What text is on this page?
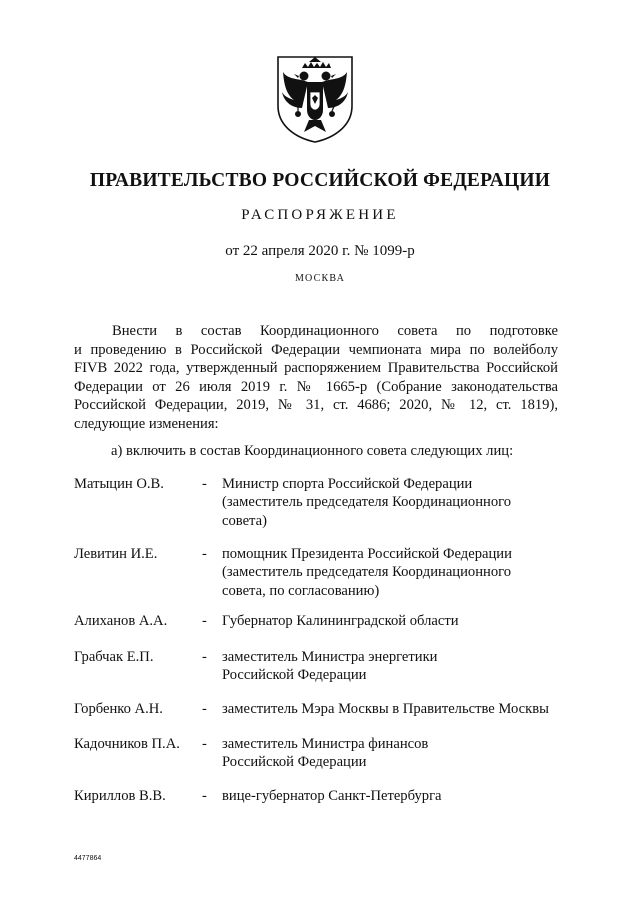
ПРАВИТЕЛЬСТВО РОССИЙСКОЙ ФЕДЕРАЦИИ
РАСПОРЯЖЕНИЕ
от 22 апреля 2020 г. № 1099-р
МОСКВА
Внести в состав Координационного совета по подготовке
и проведению в Российской Федерации чемпионата мира по волейболу
FIVB 2022 года, утвержденный распоряжением Правительства Российской
Федерации от 26 июля 2019 г. № 1665-р (Собрание законодательства
Российской Федерации, 2019, № 31, ст. 4686; 2020, № 12, ст. 1819),
следующие изменения:
а) включить в состав Координационного совета следующих лиц:
Матыцин О.В.	- Министр спорта Российской Федерации
(заместитель председателя Координационного
совета)
Левитин И.Е.	- помощник Президента Российской Федерации
(заместитель председателя Координационного
совета, по согласованию)
Алиханов А.А. - Губернатор Калининградской области
Грабчак Е.П.	- заместитель Министра энергетики
Российской Федерации
Горбенко А.Н.	- заместитель Мэра Москвы в Правительстве Москвы
Кадочников П.А. - заместитель Министра финансов
Российской Федерации
Кириллов В.В. - вице-губернатор Санкт-Петербурга
4477864
